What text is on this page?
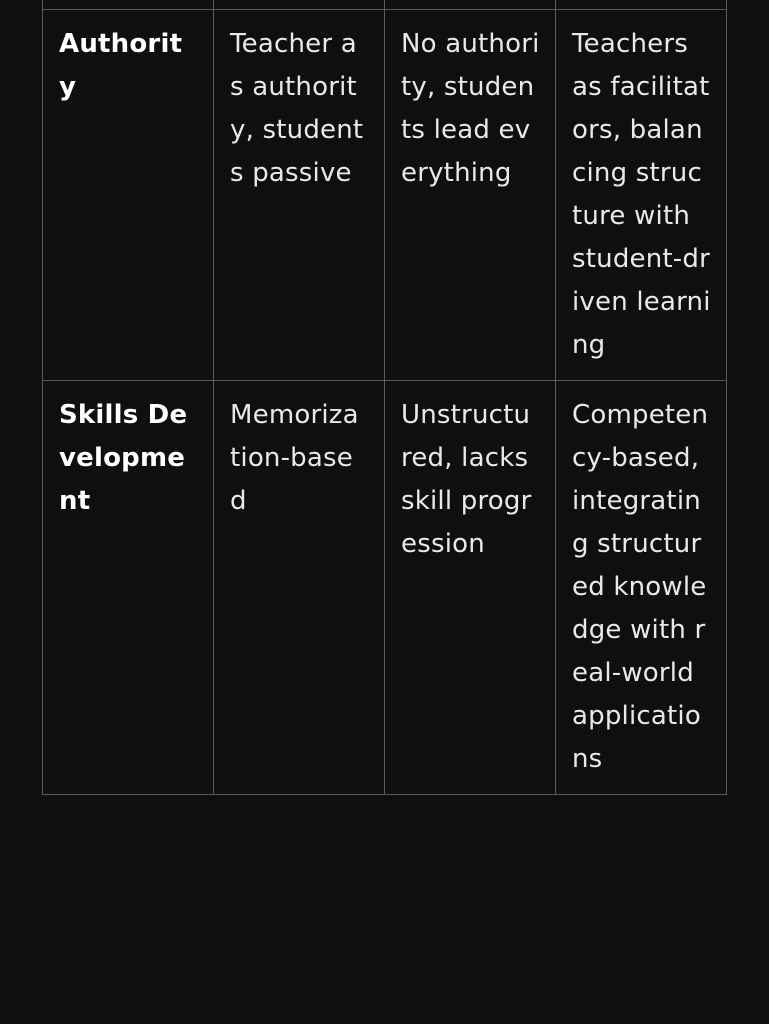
Authority	Teacher as authority, students passive	No authority, students lead everything	Teachers as facilitators, balancing structure with student-driven learning
Skills Development	Memorization-based	Unstructured, lacks skill progression	Competency-based, integrating structured knowledge with real-world applications
